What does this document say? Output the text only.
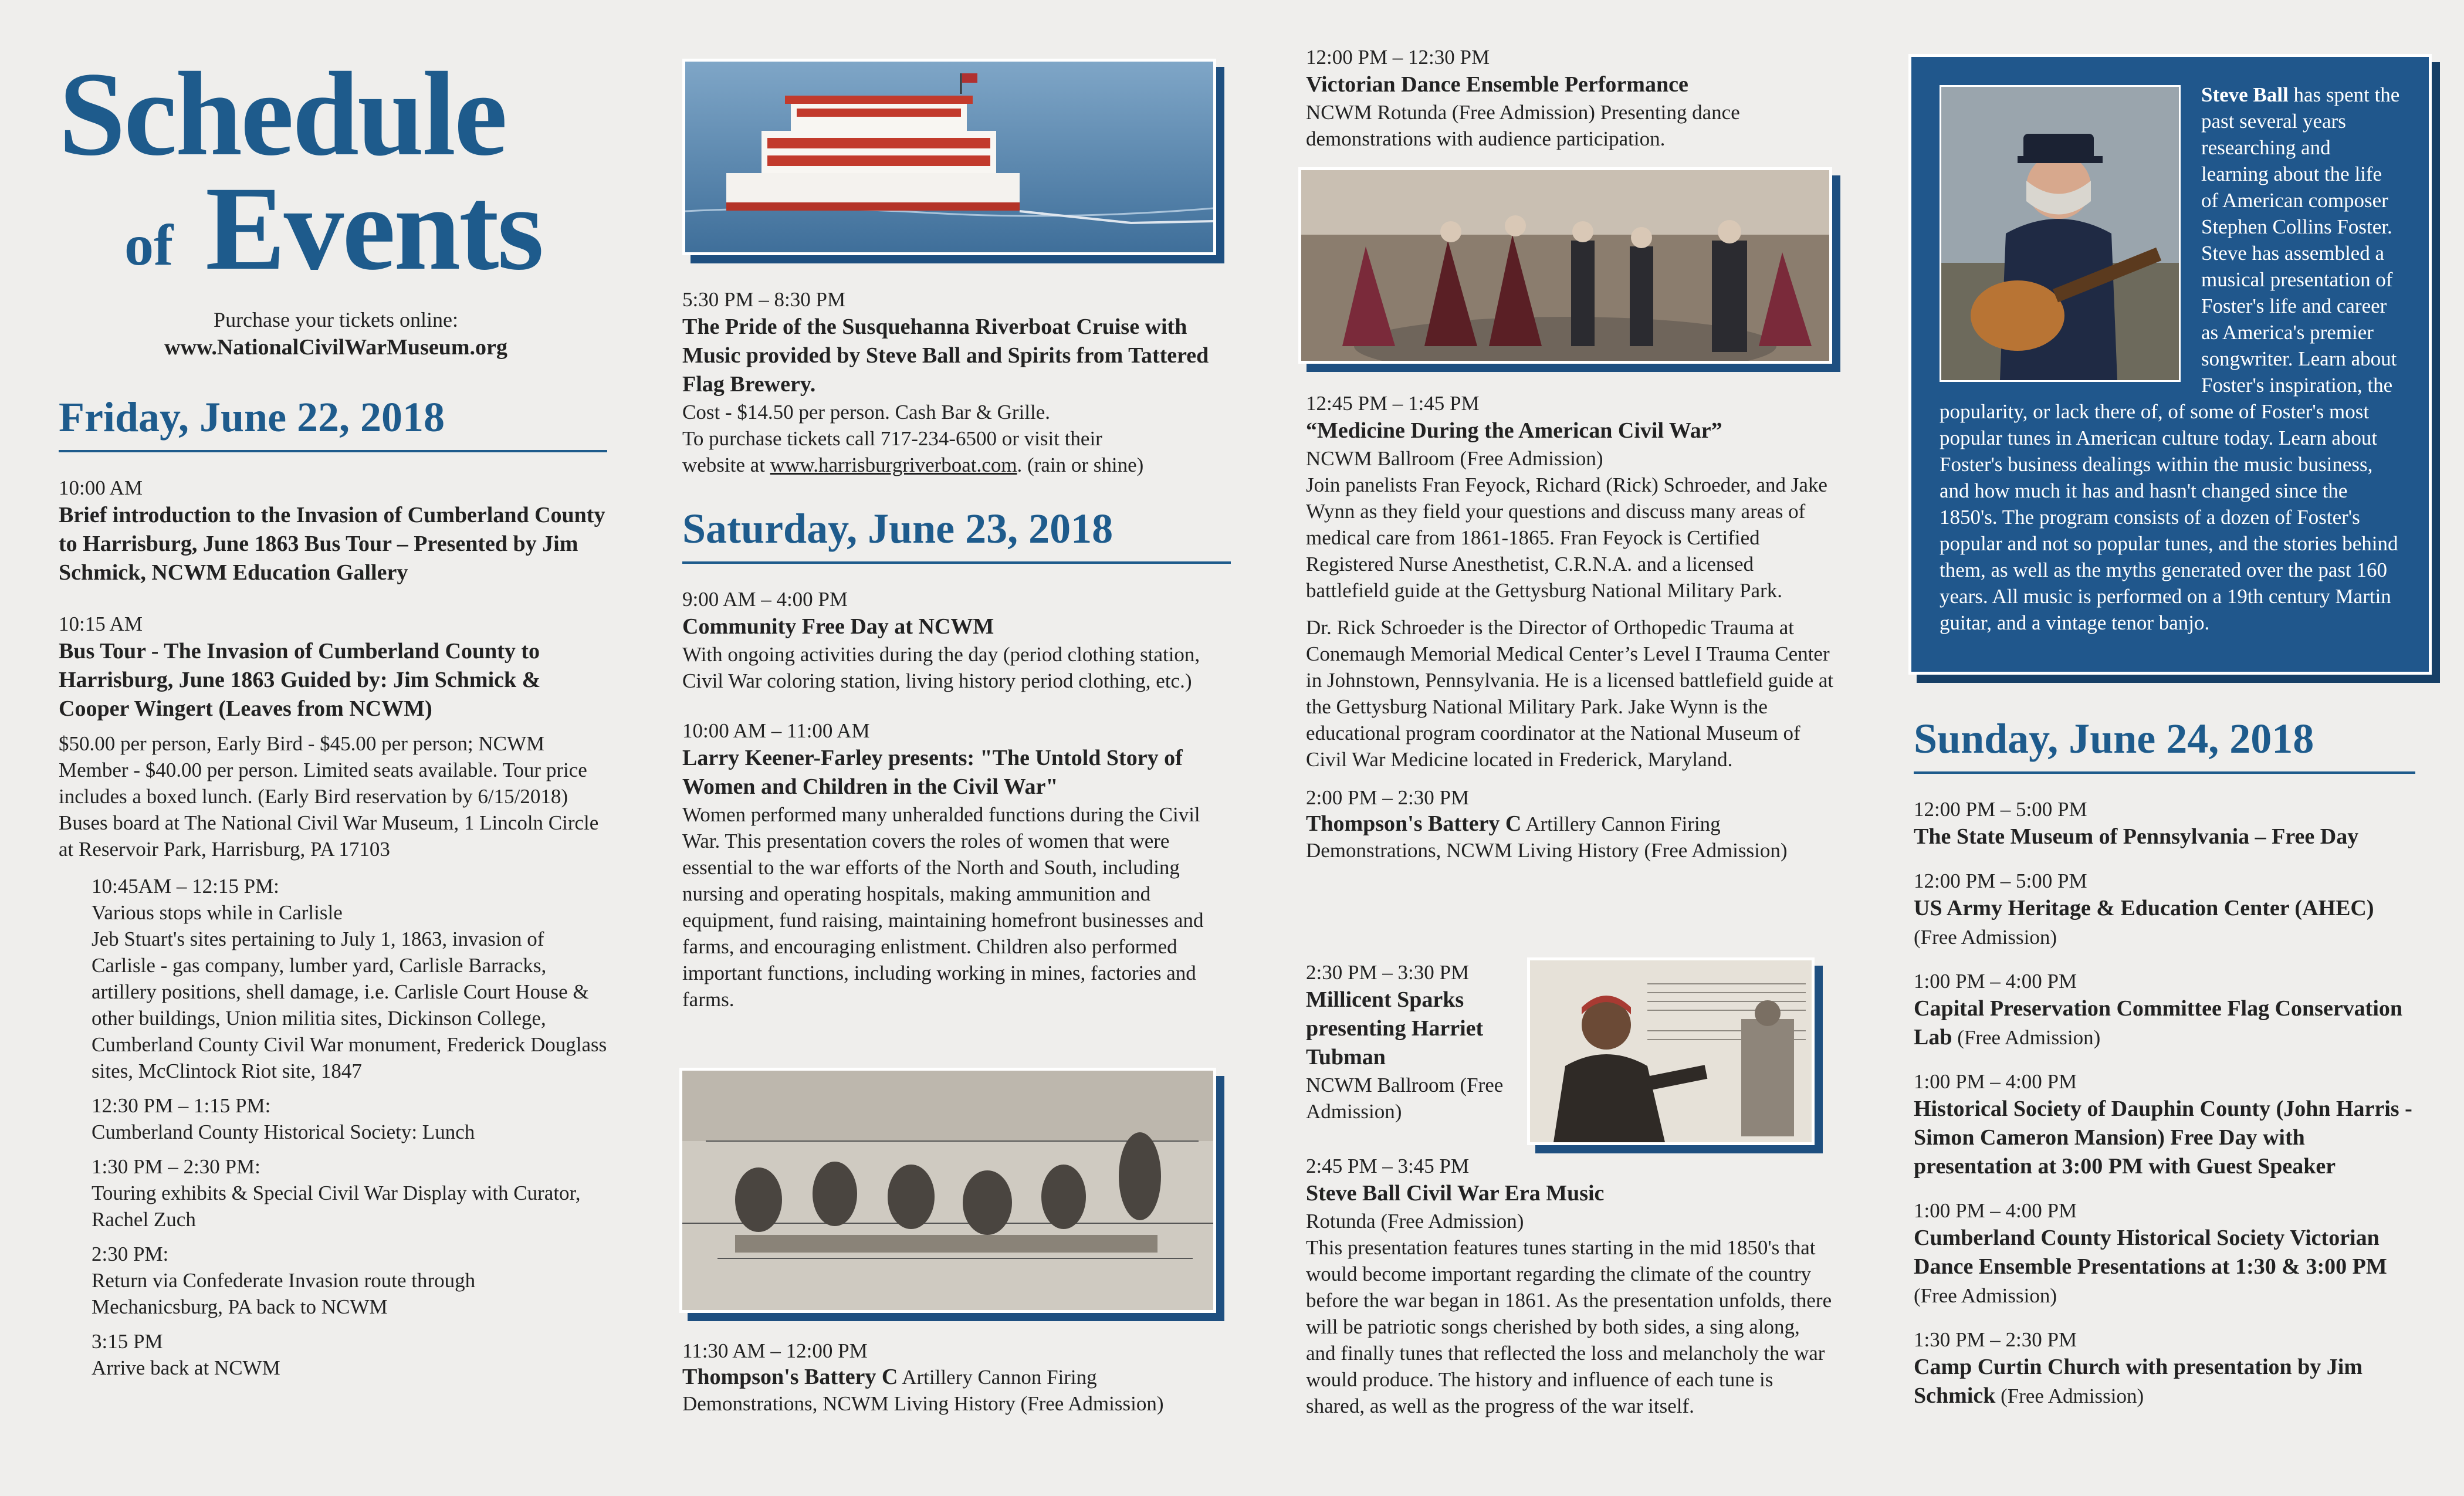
Schedule
of Events
Purchase your tickets online:
www.NationalCivilWarMuseum.org
Friday, June 22, 2018

10:00 AM

Brief introduction to the Invasion of Cumberland County to Harrisburg, June 1863 Bus Tour – Presented by Jim Schmick, NCWM Education Gallery

10:15 AM

Bus Tour - The Invasion of Cumberland County to Harrisburg, June 1863 Guided by: Jim Schmick & Cooper Wingert (Leaves from NCWM)

$50.00 per person, Early Bird - $45.00 per person; NCWM Member - $40.00 per person. Limited seats available. Tour price includes a boxed lunch. (Early Bird reservation by 6/15/2018) Buses board at The National Civil War Museum, 1 Lincoln Circle at Reservoir Park, Harrisburg, PA 17103

10:45AM – 12:15 PM:

Various stops while in Carlisle

Jeb Stuart's sites pertaining to July 1, 1863, invasion of Carlisle - gas company, lumber yard, Carlisle Barracks, artillery positions, shell damage, i.e. Carlisle Court House & other buildings, Union militia sites, Dickinson College, Cumberland County Civil War monument, Frederick Douglass sites, McClintock Riot site, 1847

12:30 PM – 1:15 PM:

Cumberland County Historical Society: Lunch

1:30 PM – 2:30 PM:

Touring exhibits & Special Civil War Display with Curator, Rachel Zuch

2:30 PM:

Return via Confederate Invasion route through Mechanicsburg, PA back to NCWM

3:15 PM

Arrive back at NCWM

5:30 PM – 8:30 PM

The Pride of the Susquehanna Riverboat Cruise with Music provided by Steve Ball and Spirits from Tattered Flag Brewery.

Cost - $14.50 per person. Cash Bar & Grille.

To purchase tickets call 717-234-6500 or visit their

website at www.harrisburgriverboat.com. (rain or shine)

Saturday, June 23, 2018

9:00 AM – 4:00 PM

Community Free Day at NCWM

With ongoing activities during the day (period clothing station, Civil War coloring station, living history period clothing, etc.)

10:00 AM – 11:00 AM

Larry Keener-Farley presents: "The Untold Story of Women and Children in the Civil War"

Women performed many unheralded functions during the Civil War. This presentation covers the roles of women that were essential to the war efforts of the North and South, including nursing and operating hospitals, making ammunition and equipment, fund raising, maintaining homefront businesses and farms, and encouraging enlistment. Children also performed important functions, including working in mines, factories and farms.

11:30 AM – 12:00 PM

Thompson's Battery C Artillery Cannon Firing Demonstrations, NCWM Living History (Free Admission)

12:00 PM – 12:30 PM

Victorian Dance Ensemble Performance

NCWM Rotunda (Free Admission) Presenting dance demonstrations with audience participation.

12:45 PM – 1:45 PM

“Medicine During the American Civil War”

NCWM Ballroom (Free Admission)

Join panelists Fran Feyock, Richard (Rick) Schroeder, and Jake Wynn as they field your questions and discuss many areas of medical care from 1861-1865. Fran Feyock is Certified Registered Nurse Anesthetist, C.R.N.A. and a licensed battlefield guide at the Gettysburg National Military Park.

Dr. Rick Schroeder is the Director of Orthopedic Trauma at Conemaugh Memorial Medical Center’s Level I Trauma Center in Johnstown, Pennsylvania. He is a licensed battlefield guide at the Gettysburg National Military Park. Jake Wynn is the educational program coordinator at the National Museum of Civil War Medicine located in Frederick, Maryland.

2:00 PM – 2:30 PM

Thompson's Battery C Artillery Cannon Firing Demonstrations, NCWM Living History (Free Admission)

2:30 PM – 3:30 PM

Millicent Sparks presenting Harriet Tubman

NCWM Ballroom (Free Admission)

2:45 PM – 3:45 PM

Steve Ball Civil War Era Music

Rotunda (Free Admission)

This presentation features tunes starting in the mid 1850's that would become important regarding the climate of the country before the war began in 1861. As the presentation unfolds, there will be patriotic songs cherished by both sides, a sing along, and finally tunes that reflected the loss and melancholy the war would produce. The history and influence of each tune is shared, as well as the progress of the war itself.

Steve Ball has spent the past several years researching and learning about the life of American composer Stephen Collins Foster. Steve has assembled a musical presentation of Foster's life and career as America's premier songwriter. Learn about Foster's inspiration, the popularity, or lack there of, of some of Foster's most popular tunes in American culture today. Learn about Foster's business dealings within the music business, and how much it has and hasn't changed since the 1850's. The program consists of a dozen of Foster's popular and not so popular tunes, and the stories behind them, as well as the myths generated over the past 160 years. All music is performed on a 19th century Martin guitar, and a vintage tenor banjo.

Sunday, June 24, 2018

12:00 PM – 5:00 PM

The State Museum of Pennsylvania – Free Day

12:00 PM – 5:00 PM

US Army Heritage & Education Center (AHEC) (Free Admission)

1:00 PM – 4:00 PM

Capital Preservation Committee Flag Conservation Lab (Free Admission)

1:00 PM – 4:00 PM

Historical Society of Dauphin County (John Harris - Simon Cameron Mansion) Free Day with presentation at 3:00 PM with Guest Speaker

1:00 PM – 4:00 PM

Cumberland County Historical Society Victorian Dance Ensemble Presentations at 1:30 & 3:00 PM (Free Admission)

1:30 PM – 2:30 PM

Camp Curtin Church with presentation by Jim Schmick (Free Admission)
